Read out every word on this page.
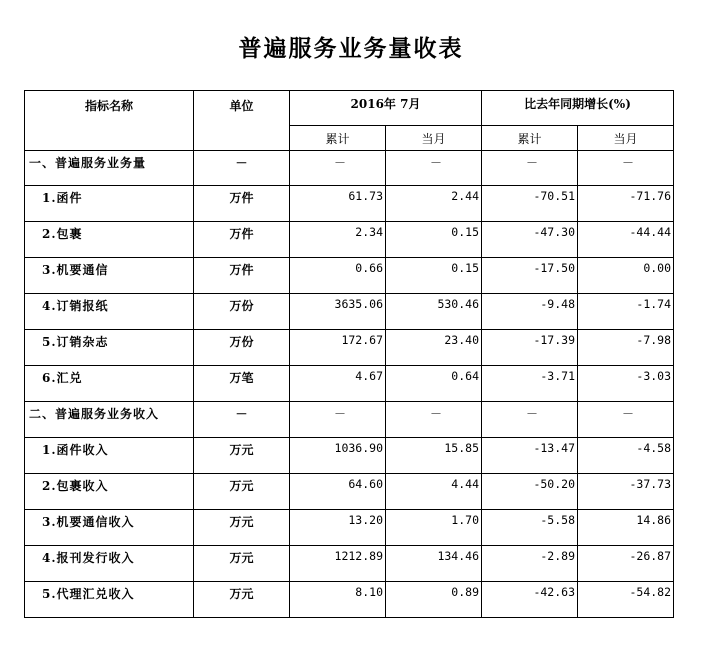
普遍服务业务量收表
指标名称	单位	2016年 7月		比去年同期增长(%)	
		累计	当月	累计	当月
一、普遍服务业务量	－	－	－	－	－
1.函件	万件	61.73	2.44	-70.51	-71.76
2.包裹	万件	2.34	0.15	-47.30	-44.44
3.机要通信	万件	0.66	0.15	-17.50	0.00
4.订销报纸	万份	3635.06	530.46	-9.48	-1.74
5.订销杂志	万份	172.67	23.40	-17.39	-7.98
6.汇兑	万笔	4.67	0.64	-3.71	-3.03
二、普遍服务业务收入	－	－	－	－	－
1.函件收入	万元	1036.90	15.85	-13.47	-4.58
2.包裹收入	万元	64.60	4.44	-50.20	-37.73
3.机要通信收入	万元	13.20	1.70	-5.58	14.86
4.报刊发行收入	万元	1212.89	134.46	-2.89	-26.87
5.代理汇兑收入	万元	8.10	0.89	-42.63	-54.82
